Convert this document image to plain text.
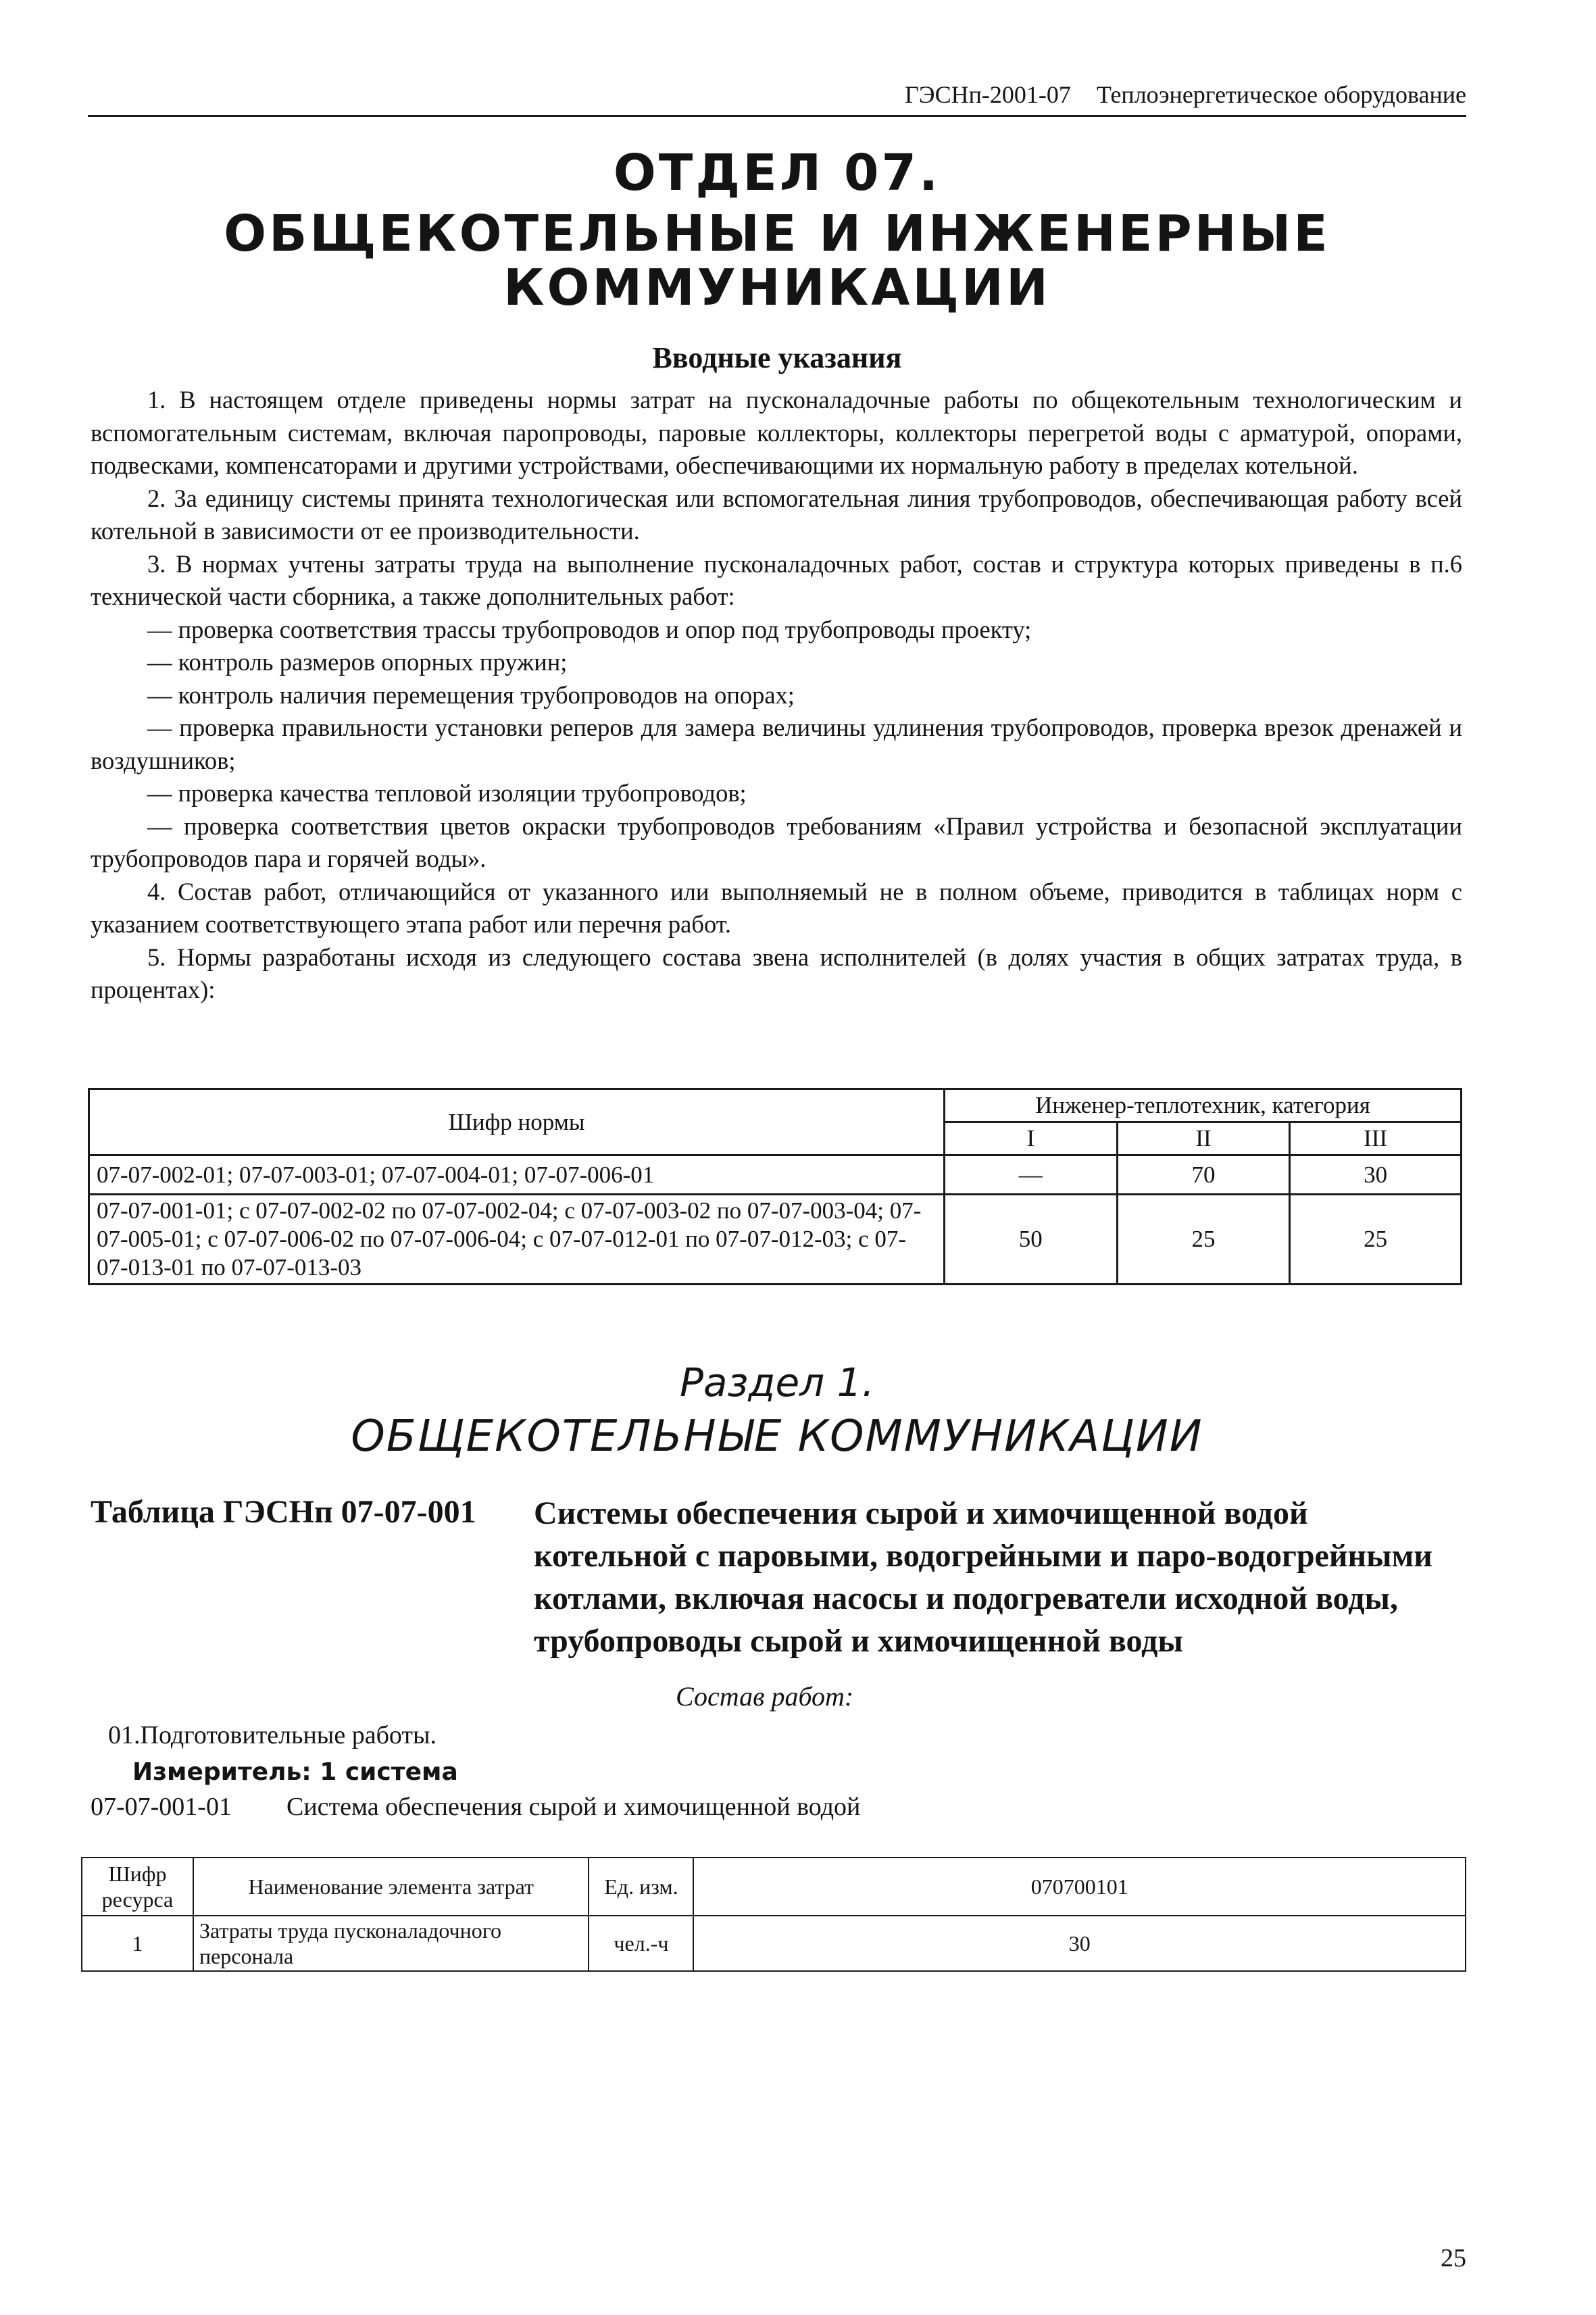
ГЭСНп-2001-07 Теплоэнергетическое оборудование
ОТДЕЛ 07.
ОБЩЕКОТЕЛЬНЫЕ И ИНЖЕНЕРНЫЕ
КОММУНИКАЦИИ
Вводные указания

1. В настоящем отделе приведены нормы затрат на пусконаладочные работы по общекотельным технологическим и вспомогательным системам, включая паропроводы, паровые коллекторы, коллекторы перегретой воды с арматурой, опорами, подвесками, компенсаторами и другими устройствами, обеспечивающими их нормальную работу в пределах котельной.

2. За единицу системы принята технологическая или вспомогательная линия трубопроводов, обеспечивающая работу всей котельной в зависимости от ее производительности.

3. В нормах учтены затраты труда на выполнение пусконаладочных работ, состав и структура которых приведены в п.6 технической части сборника, а также дополнительных работ:

— проверка соответствия трассы трубопроводов и опор под трубопроводы проекту;

— контроль размеров опорных пружин;

— контроль наличия перемещения трубопроводов на опорах;

— проверка правильности установки реперов для замера величины удлинения трубопроводов, проверка врезок дренажей и воздушников;

— проверка качества тепловой изоляции трубопроводов;

— проверка соответствия цветов окраски трубопроводов требованиям «Правил устройства и безопасной эксплуатации трубопроводов пара и горячей воды».

4. Состав работ, отличающийся от указанного или выполняемый не в полном объеме, приводится в таблицах норм с указанием соответствующего этапа работ или перечня работ.

5. Нормы разработаны исходя из следующего состава звена исполнителей (в долях участия в общих затратах труда, в процентах):

Шифр нормы	Инженер-теплотехник, категория		
	I	II	III
07-07-002-01; 07-07-003-01; 07-07-004-01; 07-07-006-01	—	70	30
07-07-001-01; с 07-07-002-02 по 07-07-002-04; с 07-07-003-02 по 07-07-003-04; 07-07-005-01; с 07-07-006-02 по 07-07-006-04; с 07-07-012-01 по 07-07-012-03; с 07-07-013-01 по 07-07-013-03	50	25	25
Раздел 1.
ОБЩЕКОТЕЛЬНЫЕ КОММУНИКАЦИИ
Таблица ГЭСНп 07-07-001 Системы обеспечения сырой и химочищенной водой котельной с паровыми, водогрейными и паро-водогрейными котлами, включая насосы и подогреватели исходной воды, трубопроводы сырой и химочищенной воды
Состав работ:
01.Подготовительные работы.
Измеритель: 1 система
07-07-001-01 Система обеспечения сырой и химочищенной водой
Шифр ресурса	Наименование элемента затрат	Ед. изм.	070700101
1	Затраты труда пусконаладочного персонала	чел.-ч	30
25
